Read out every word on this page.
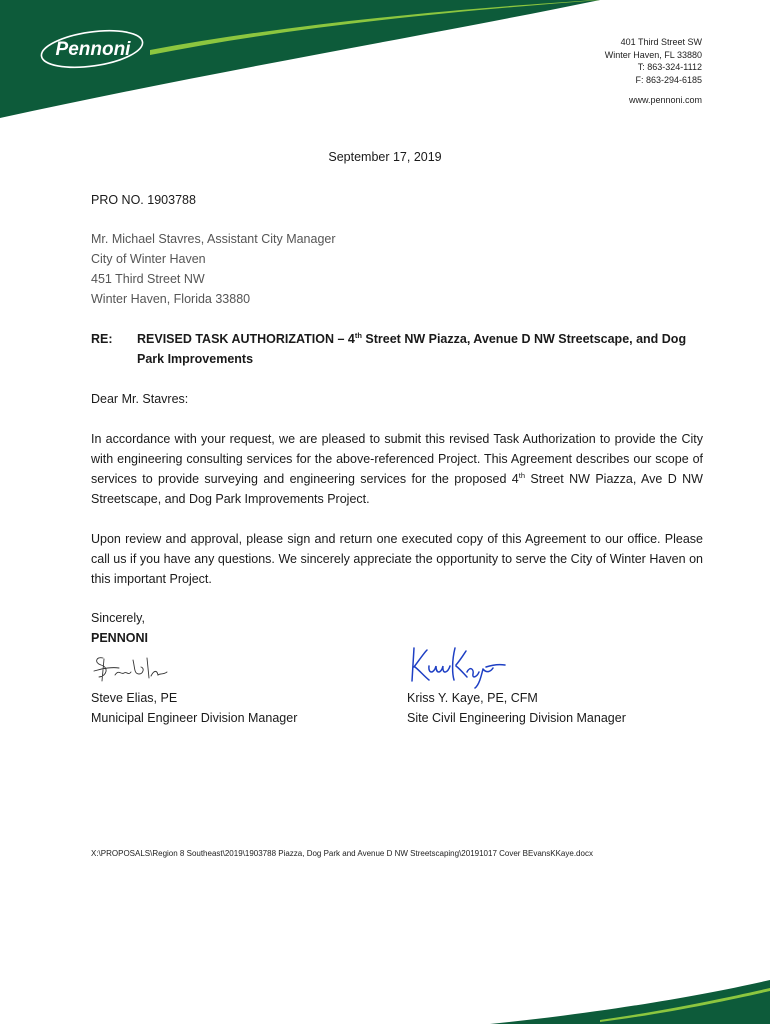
Pennoni	401 Third Street SW
Winter Haven, FL 33880
T: 863-324-1112
F: 863-294-6185
www.pennoni.com
September 17, 2019
PRO NO. 1903788
Mr. Michael Stavres, Assistant City Manager
City of Winter Haven
451 Third Street NW
Winter Haven, Florida 33880
RE:	REVISED TASK AUTHORIZATION – 4th Street NW Piazza, Avenue D NW Streetscape, and Dog Park Improvements
Dear Mr. Stavres:
In accordance with your request, we are pleased to submit this revised Task Authorization to provide the City with engineering consulting services for the above-referenced Project. This Agreement describes our scope of services to provide surveying and engineering services for the proposed 4th Street NW Piazza, Ave D NW Streetscape, and Dog Park Improvements Project.
Upon review and approval, please sign and return one executed copy of this Agreement to our office. Please call us if you have any questions. We sincerely appreciate the opportunity to serve the City of Winter Haven on this important Project.
Sincerely,
PENNONI
Steve Elias, PE
Municipal Engineer Division Manager
Kriss Y. Kaye, PE, CFM
Site Civil Engineering Division Manager
X:\PROPOSALS\Region 8 Southeast\2019\1903788 Piazza, Dog Park and Avenue D NW Streetscaping\20191017 Cover BEvansKKaye.docx
